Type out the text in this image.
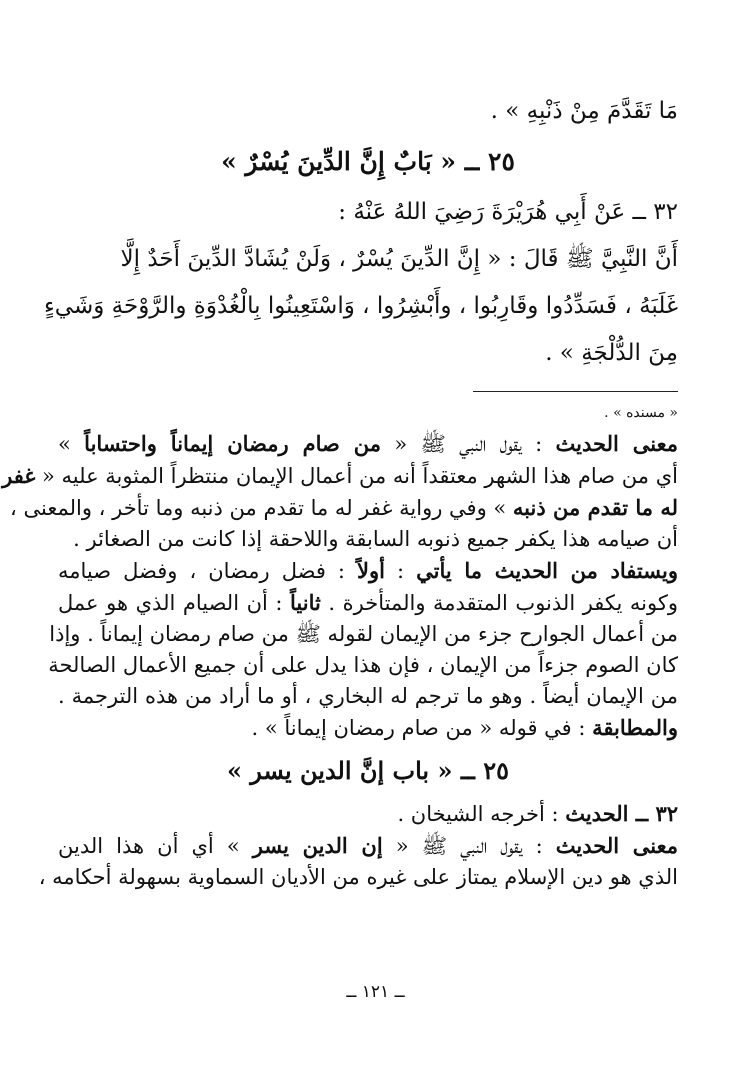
مَا تَقَدَّمَ مِنْ ذَنْبِهِ » .
٢٥ ــ « بَابٌ إِنَّ الدِّينَ يُسْرٌ »
٣٢ ــ عَنْ أَبِي هُرَيْرَةَ رَضِيَ اللهُ عَنْهُ :
أَنَّ النَّبِيَّ ﷺ قَالَ : « إِنَّ الدِّينَ يُسْرٌ ، وَلَنْ يُشَادَّ الدِّينَ أَحَدٌ إِلَّا
غَلَبَهُ ، فَسَدِّدُوا وقَارِبُوا ، وأَبْشِرُوا ، وَاسْتَعِينُوا بِالْغُدْوَةِ والرَّوْحَةِ وَشَيءٍ
مِنَ الدُّلْجَةِ » .
« مسنده » .
معنى الحديث : يقول النبي ﷺ « من صام رمضان إيماناً واحتساباً »
أي من صام هذا الشهر معتقداً أنه من أعمال الإيمان منتظراً المثوبة عليه « غفر
له ما تقدم من ذنبه » وفي رواية غفر له ما تقدم من ذنبه وما تأخر ، والمعنى ،
أن صيامه هذا يكفر جميع ذنوبه السابقة واللاحقة إذا كانت من الصغائر .
ويستفاد من الحديث ما يأتي : أولاً : فضل رمضان ، وفضل صيامه
وكونه يكفر الذنوب المتقدمة والمتأخرة . ثانياً : أن الصيام الذي هو عمل
من أعمال الجوارح جزء من الإيمان لقوله ﷺ من صام رمضان إيماناً . وإذا
كان الصوم جزءاً من الإيمان ، فإن هذا يدل على أن جميع الأعمال الصالحة
من الإيمان أيضاً . وهو ما ترجم له البخاري ، أو ما أراد من هذه الترجمة .
والمطابقة : في قوله « من صام رمضان إيماناً » .
٢٥ ــ « باب إنَّ الدين يسر »
٣٢ ــ الحديث : أخرجه الشيخان .
معنى الحديث : يقول النبي ﷺ « إن الدين يسر » أي أن هذا الدين
الذي هو دين الإسلام يمتاز على غيره من الأديان السماوية بسهولة أحكامه ،
ــ ١٢١ ــ
